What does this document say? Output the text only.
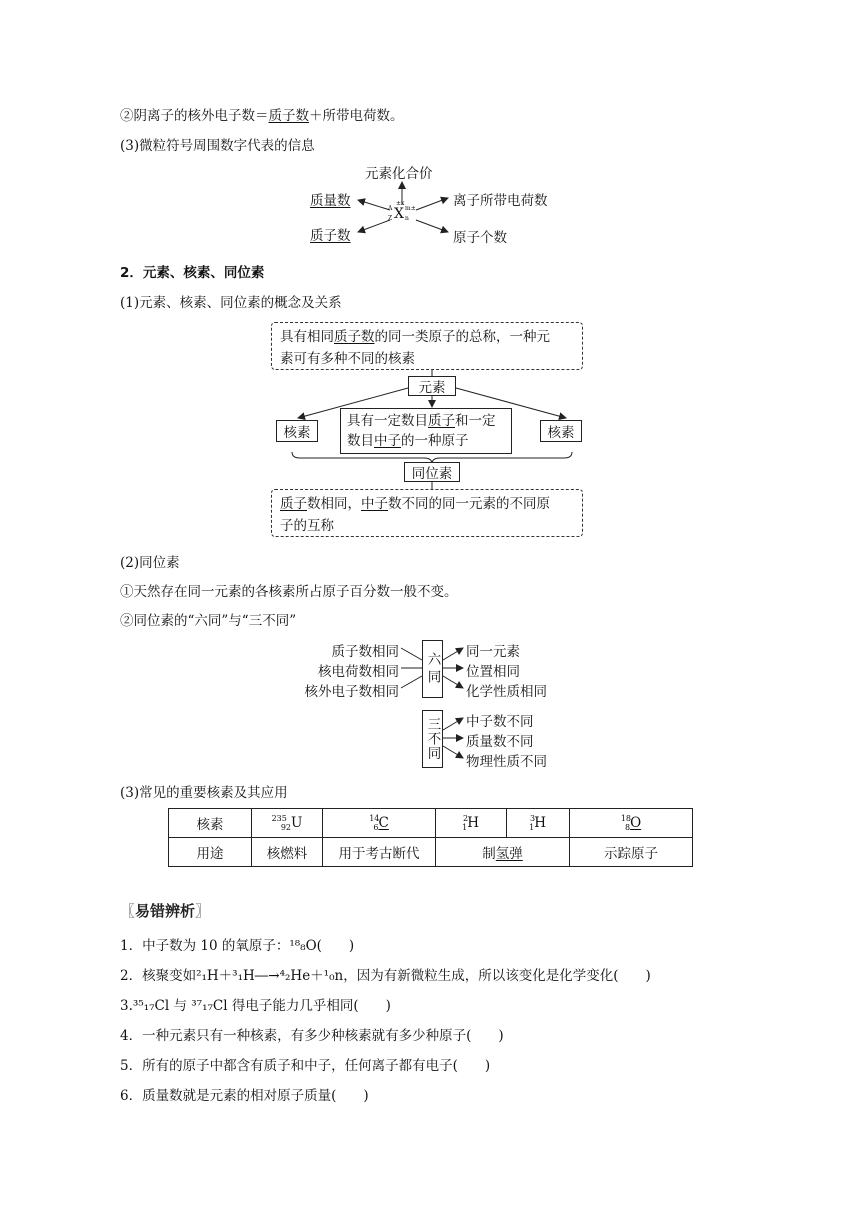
②阴离子的核外电子数＝质子数＋所带电荷数。
(3)微粒符号周围数字代表的信息
元素化合价
质量数
质子数
离子所带电荷数
原子个数
±x
A
Z X m±
n
2．元素、核素、同位素
(1)元素、核素、同位素的概念及关系
具有相同质子数的同一类原子的总称，一种元
素可有多种不同的核素
元素
核素	核素
具有一定数目质子和一定
数目中子的一种原子
同位素
质子数相同，中子数不同的同一元素的不同原
子的互称
(2)同位素
①天然存在同一元素的各核素所占原子百分数一般不变。
②同位素的“六同”与“三不同”
质子数相同
核电荷数相同
核外电子数相同
六同 同一元素
位置相同
化学性质相同
三不同 中子数不同
质量数不同
物理性质不同
(3)常见的重要核素及其应用
核素	$^{235}_{92}$U	$^{14}_6$C	$^2_1$H	$^3_1$H	$^{18}_8$O
用途	核燃料	用于考古断代	制氢弹		示踪原子
〖易错辨析〗
1．中子数为 10 的氧原子：¹⁸₈O(　　)
2．核聚变如²₁H＋³₁H―→⁴₂He＋¹₀n，因为有新微粒生成，所以该变化是化学变化(　　)
3.³⁵₁₇Cl 与 ³⁷₁₇Cl 得电子能力几乎相同(　　)
4．一种元素只有一种核素，有多少种核素就有多少种原子(　　)
5．所有的原子中都含有质子和中子，任何离子都有电子(　　)
6．质量数就是元素的相对原子质量(　　)
